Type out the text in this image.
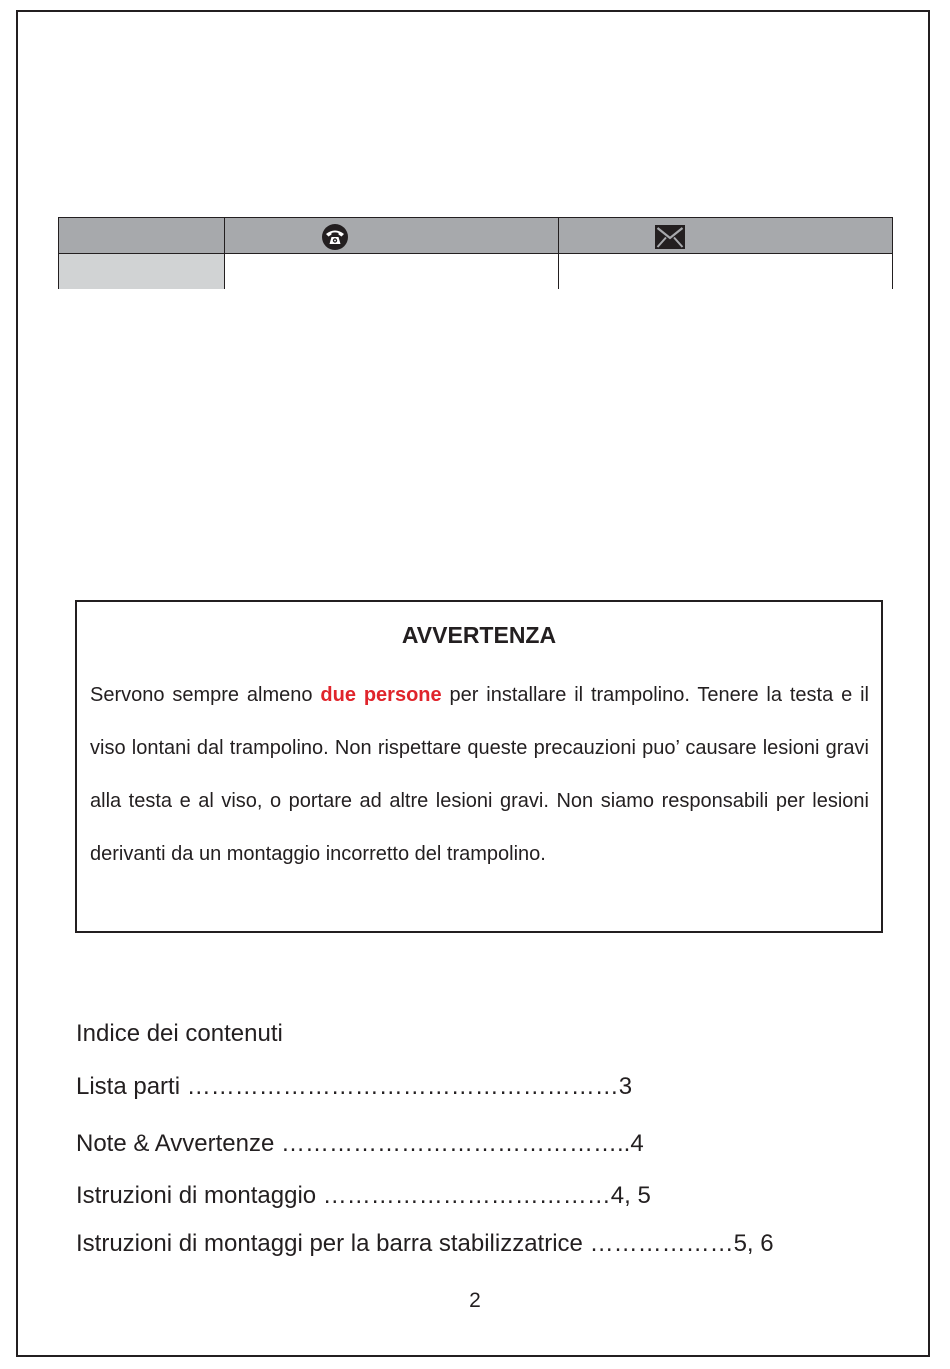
AVVERTENZA
Servono sempre almeno due persone per installare il trampolino. Tenere la testa e il viso lontani dal trampolino. Non rispettare queste precauzioni puo’ causare lesioni gravi alla testa e al viso, o portare ad altre lesioni gravi. Non siamo responsabili per lesioni derivanti da un montaggio incorretto del trampolino.
Indice dei contenuti
Lista parti ………………………………………………3
Note & Avvertenze ……………………………………..4
Istruzioni di montaggio ………………………………4, 5
Istruzioni di montaggi per la barra stabilizzatrice ………………5, 6
2
